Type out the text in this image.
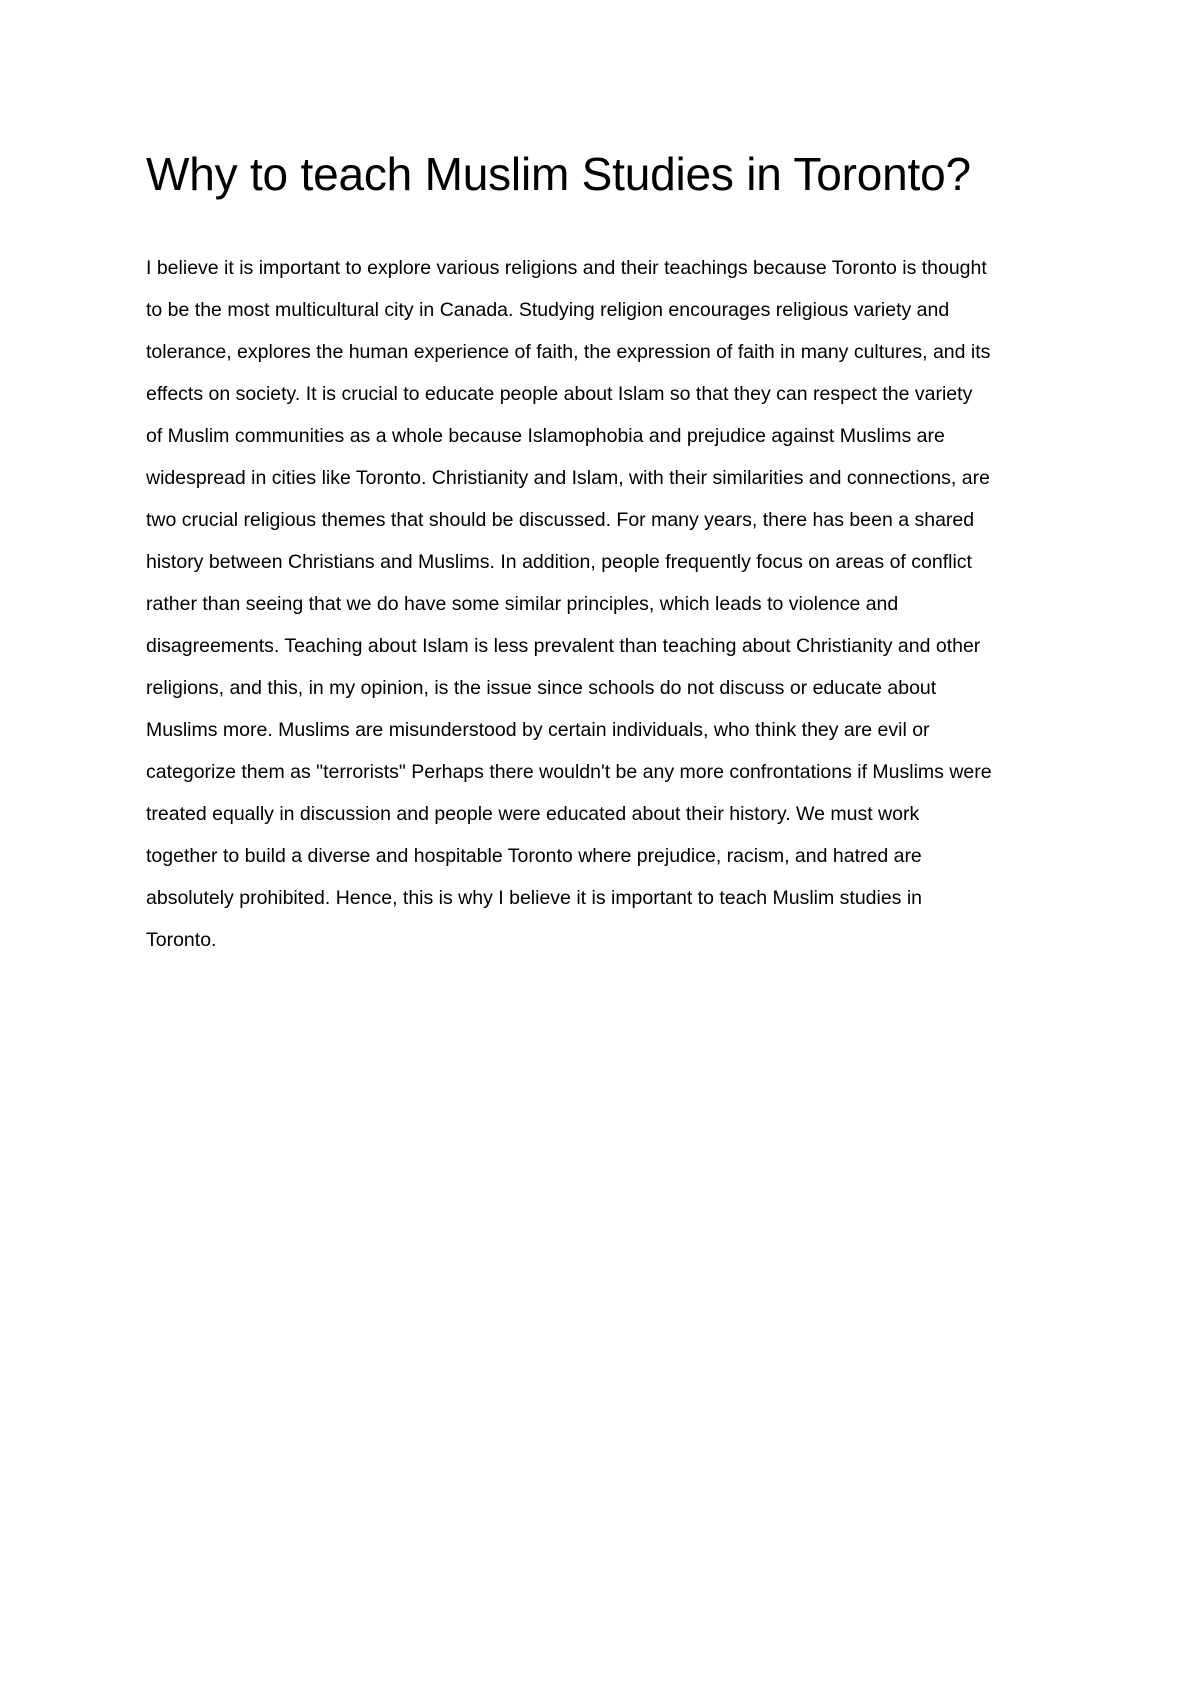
Why to teach Muslim Studies in Toronto?
I believe it is important to explore various religions and their teachings because Toronto is thought
to be the most multicultural city in Canada. Studying religion encourages religious variety and
tolerance, explores the human experience of faith, the expression of faith in many cultures, and its
effects on society. It is crucial to educate people about Islam so that they can respect the variety
of Muslim communities as a whole because Islamophobia and prejudice against Muslims are
widespread in cities like Toronto. Christianity and Islam, with their similarities and connections, are
two crucial religious themes that should be discussed. For many years, there has been a shared
history between Christians and Muslims. In addition, people frequently focus on areas of conflict
rather than seeing that we do have some similar principles, which leads to violence and
disagreements. Teaching about Islam is less prevalent than teaching about Christianity and other
religions, and this, in my opinion, is the issue since schools do not discuss or educate about
Muslims more. Muslims are misunderstood by certain individuals, who think they are evil or
categorize them as "terrorists" Perhaps there wouldn't be any more confrontations if Muslims were
treated equally in discussion and people were educated about their history. We must work
together to build a diverse and hospitable Toronto where prejudice, racism, and hatred are
absolutely prohibited. Hence, this is why I believe it is important to teach Muslim studies in
Toronto.
